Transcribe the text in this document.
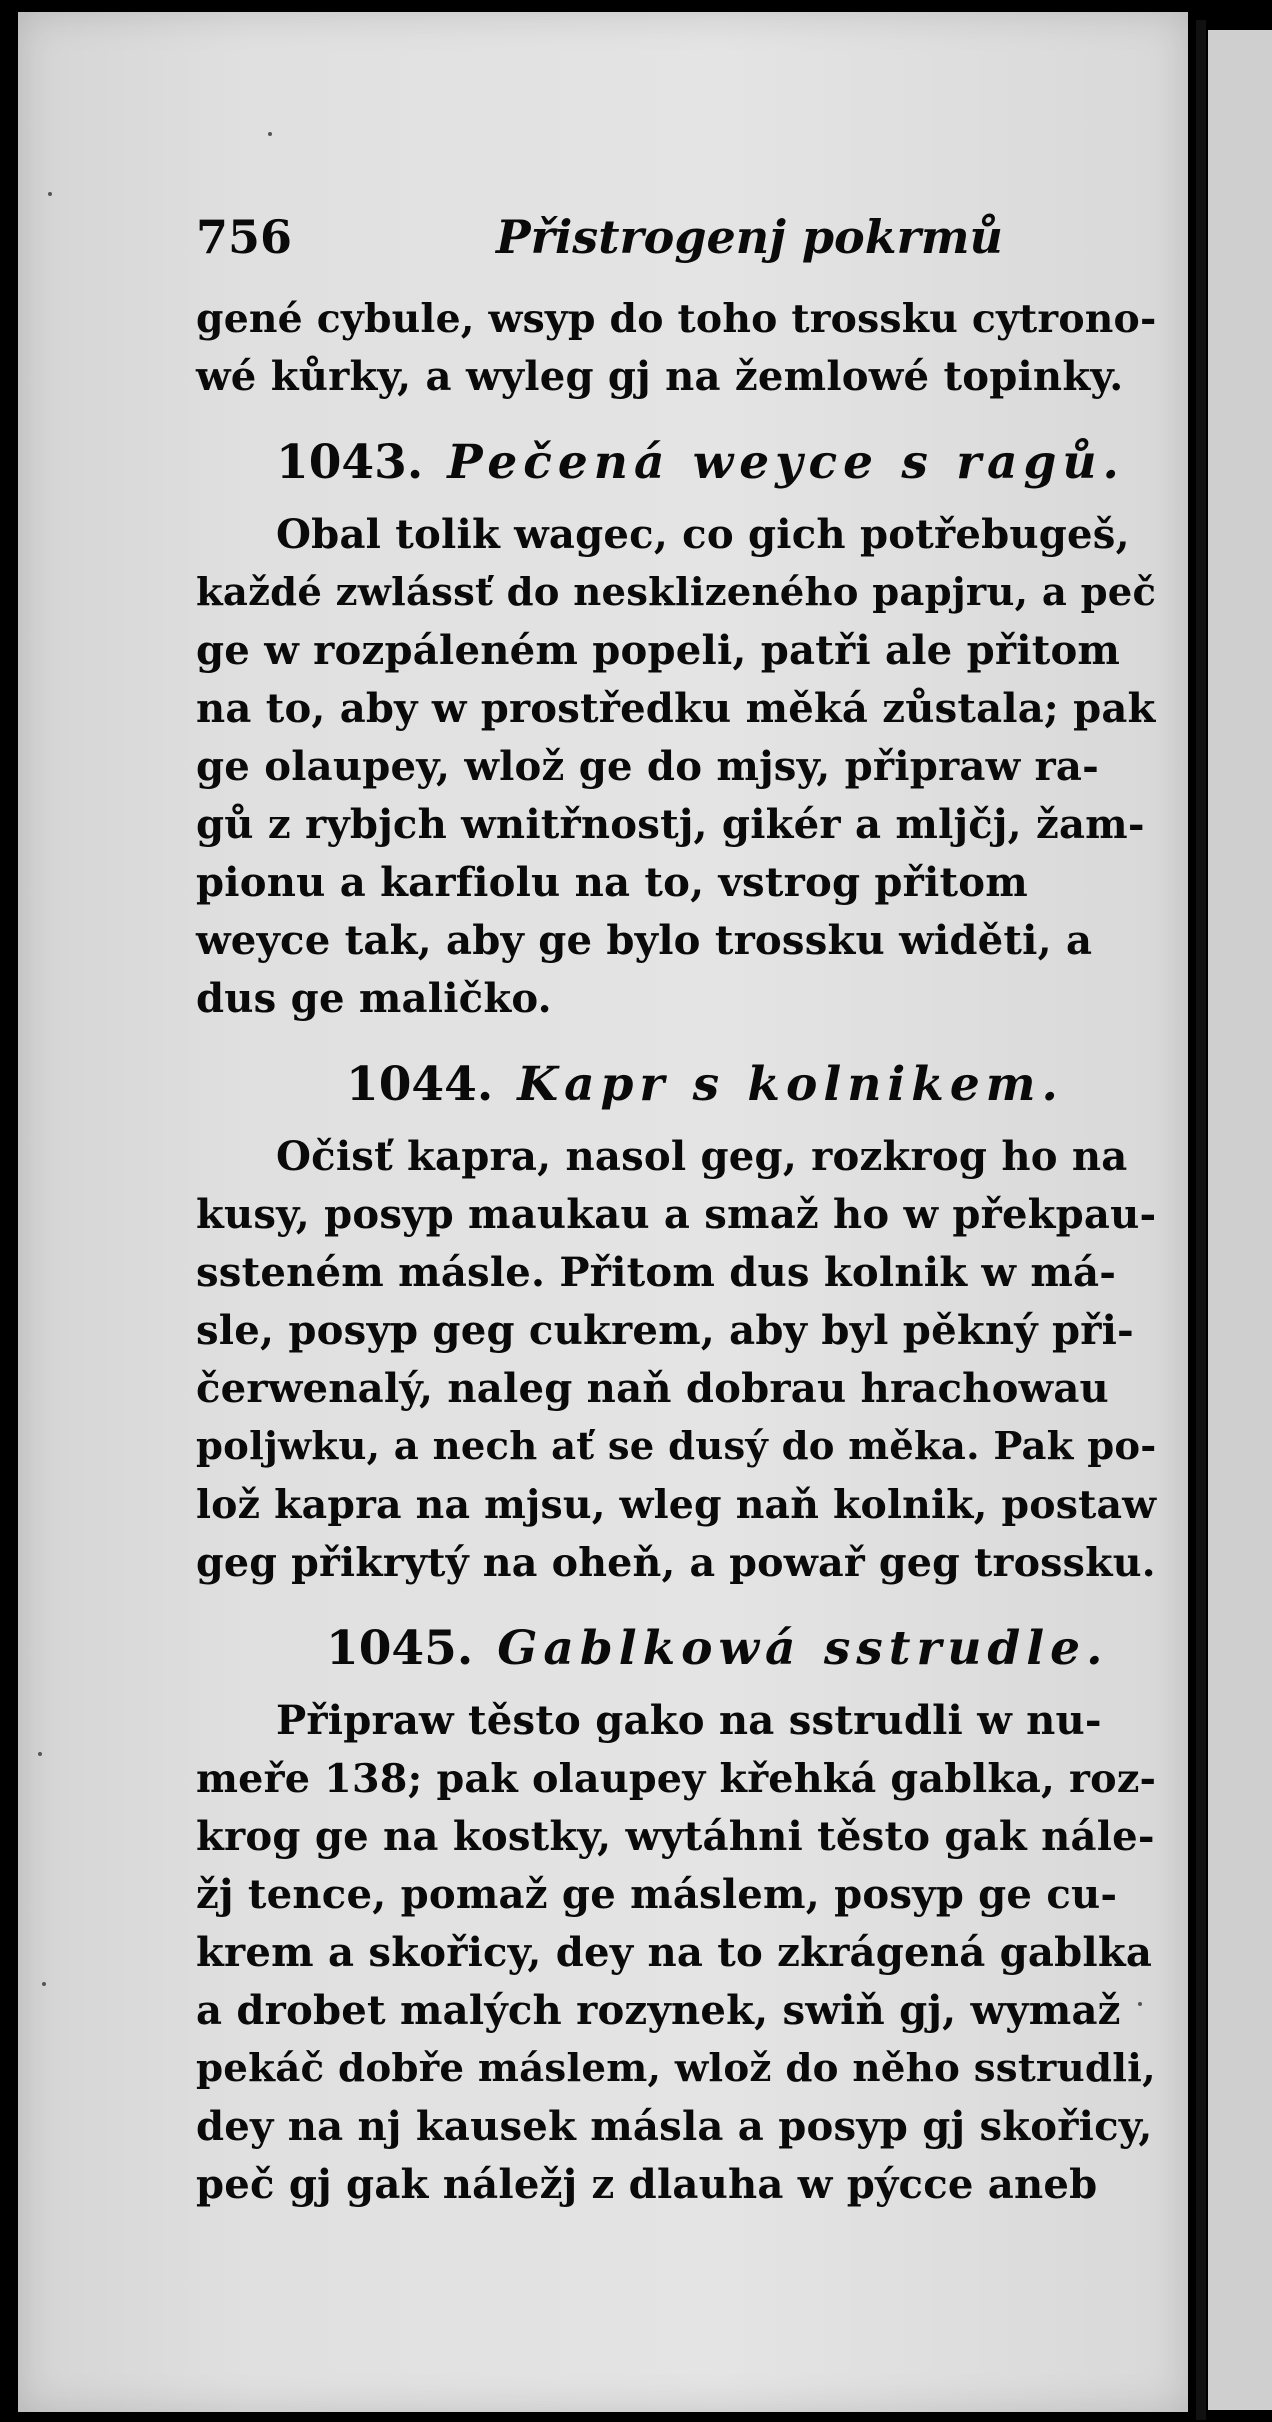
756	Přistrogenj pokrmů
gené cybule, wsyp do toho trossku cytrono-
wé kůrky, a wyleg gj na žemlowé topinky.
1043. Pečená weyce s ragů.
Obal tolik wagec, co gich potřebugeš,
každé zwlássť do nesklizeného papjru, a peč
ge w rozpáleném popeli, patři ale přitom
na to, aby w prostředku měká zůstala; pak
ge olaupey, wlož ge do mjsy, připraw ra-
gů z rybjch wnitřnostj, gikér a mljčj, žam-
pionu a karfiolu na to, vstrog přitom
weyce tak, aby ge bylo trossku widěti, a
dus ge maličko.
1044. Kapr s kolnikem.
Očisť kapra, nasol geg, rozkrog ho na
kusy, posyp maukau a smaž ho w překpau-
ssteném másle. Přitom dus kolnik w má-
sle, posyp geg cukrem, aby byl pěkný při-
čerwenalý, naleg naň dobrau hrachowau
poljwku, a nech ať se dusý do měka. Pak po-
lož kapra na mjsu, wleg naň kolnik, postaw
geg přikrytý na oheň, a powař geg trossku.
1045. Gablkowá sstrudle.
Připraw těsto gako na sstrudli w nu-
meře 138; pak olaupey křehká gablka, roz-
krog ge na kostky, wytáhni těsto gak nále-
žj tence, pomaž ge máslem, posyp ge cu-
krem a skořicy, dey na to zkrágená gablka
a drobet malých rozynek, swiň gj, wymaž
pekáč dobře máslem, wlož do něho sstrudli,
dey na nj kausek másla a posyp gj skořicy,
peč gj gak náležj z dlauha w pýcce aneb
